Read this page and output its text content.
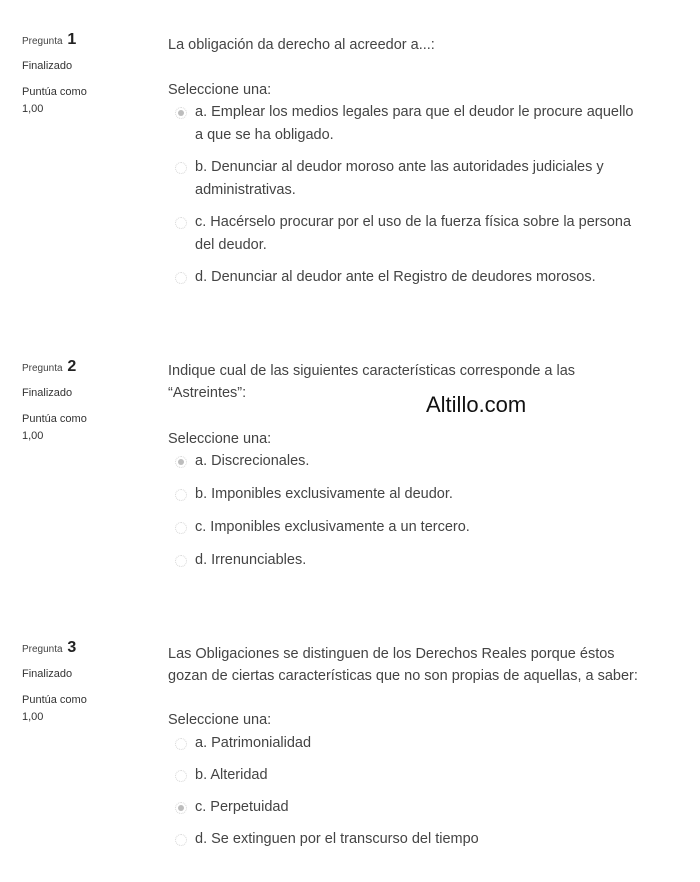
Pregunta 1
Finalizado
Puntúa como
1,00
La obligación da derecho al acreedor a...:
Seleccione una:
a. Emplear los medios legales para que el deudor le procure aquello
a que se ha obligado.
b. Denunciar al deudor moroso ante las autoridades judiciales y
administrativas.
c. Hacérselo procurar por el uso de la fuerza física sobre la persona
del deudor.
d. Denunciar al deudor ante el Registro de deudores morosos.
Pregunta 2
Finalizado
Puntúa como
1,00
Indique cual de las siguientes características corresponde a las
“Astreintes”:
Seleccione una:
a. Discrecionales.
b. Imponibles exclusivamente al deudor.
c. Imponibles exclusivamente a un tercero.
d. Irrenunciables.
Pregunta 3
Finalizado
Puntúa como
1,00
Las Obligaciones se distinguen de los Derechos Reales porque éstos
gozan de ciertas características que no son propias de aquellas, a saber:
Seleccione una:
a. Patrimonialidad
b. Alteridad
c. Perpetuidad
d. Se extinguen por el transcurso del tiempo
Altillo.com
